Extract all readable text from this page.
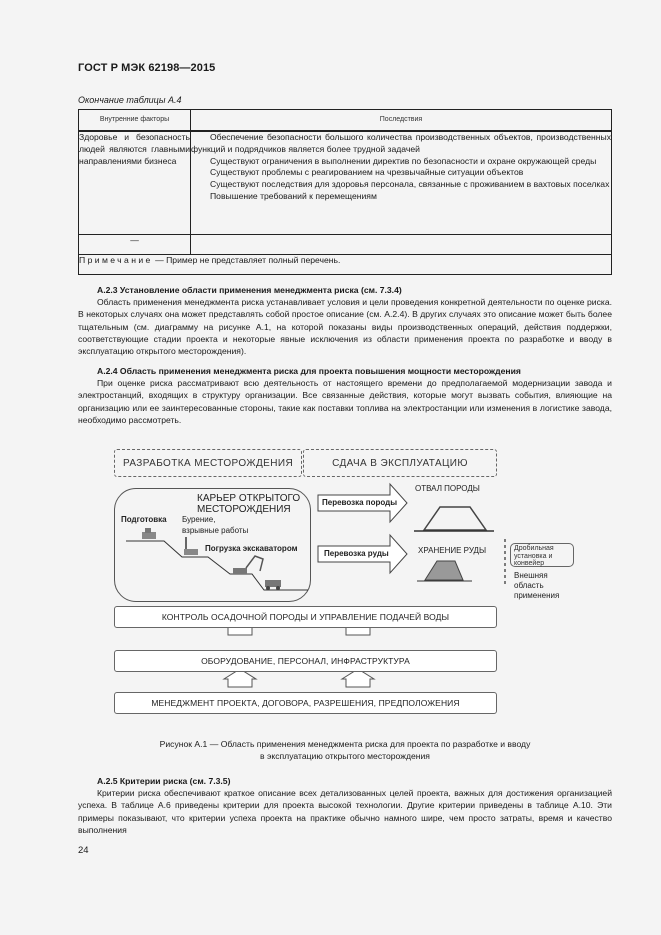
ГОСТ Р МЭК 62198—2015
Окончание таблицы А.4
Внутренние факторы	Последствия
Здоровье и безопасность людей являются главными направлениями бизнеса	Обеспечение безопасности большого количества производственных объектов, производственных функций и подрядчиков является более трудной задачей

Существуют ограничения в выполнении директив по безопасности и охране окружающей среды

Существуют проблемы с реагированием на чрезвычайные ситуации объектов

Существуют последствия для здоровья персонала, связанные с проживанием в вахтовых поселках

Повышение требований к перемещениям

—	
Примечание — Пример не представляет полный перечень.	
А.2.3 Установление области применения менеджмента риска (см. 7.3.4)

Область применения менеджмента риска устанавливает условия и цели проведения конкретной деятельности по оценке риска. В некоторых случаях она может представлять собой простое описание (см. А.2.4). В других случаях это описание может быть более тщательным (см. диаграмму на рисунке А.1, на которой показаны виды производственных операций, действия поддержки, соответствующие стадии проекта и некоторые явные исключения из области применения проекта по разработке и вводу в эксплуатацию открытого месторождения).

А.2.4 Область применения менеджмента риска для проекта повышения мощности месторождения

При оценке риска рассматривают всю деятельность от настоящего времени до предполагаемой модернизации завода и электростанций, входящих в структуру организации. Все связанные действия, которые могут вызвать события, влияющие на организацию или ее заинтересованные стороны, такие как поставки топлива на электростанции или изменения в логистике завода, необходимо рассмотреть.

РАЗРАБОТКА МЕСТОРОЖДЕНИЯ	СДАЧА В ЭКСПЛУАТАЦИЮ
КАРЬЕР ОТКРЫТОГО
МЕСТОРОЖДЕНИЯ
Подготовка Бурение,
взрывные работы
Погрузка экскаватором
Перевозка породы
Перевозка руды
ОТВАЛ ПОРОДЫ
ХРАНЕНИЕ РУДЫ	Дробильная установка и конвейер
Внешняя
область
применения
КОНТРОЛЬ ОСАДОЧНОЙ ПОРОДЫ И УПРАВЛЕНИЕ ПОДАЧЕЙ ВОДЫ
ОБОРУДОВАНИЕ, ПЕРСОНАЛ, ИНФРАСТРУКТУРА
МЕНЕДЖМЕНТ ПРОЕКТА, ДОГОВОРА, РАЗРЕШЕНИЯ, ПРЕДПОЛОЖЕНИЯ
Рисунок А.1 — Область применения менеджмента риска для проекта по разработке и вводу
в эксплуатацию открытого месторождения
А.2.5 Критерии риска (см. 7.3.5)

Критерии риска обеспечивают краткое описание всех детализованных целей проекта, важных для достижения организацией успеха. В таблице А.6 приведены критерии для проекта высокой технологии. Другие критерии приведены в таблице А.10. Эти примеры показывают, что критерии успеха проекта на практике обычно намного шире, чем просто затраты, время и качество выполнения

24
